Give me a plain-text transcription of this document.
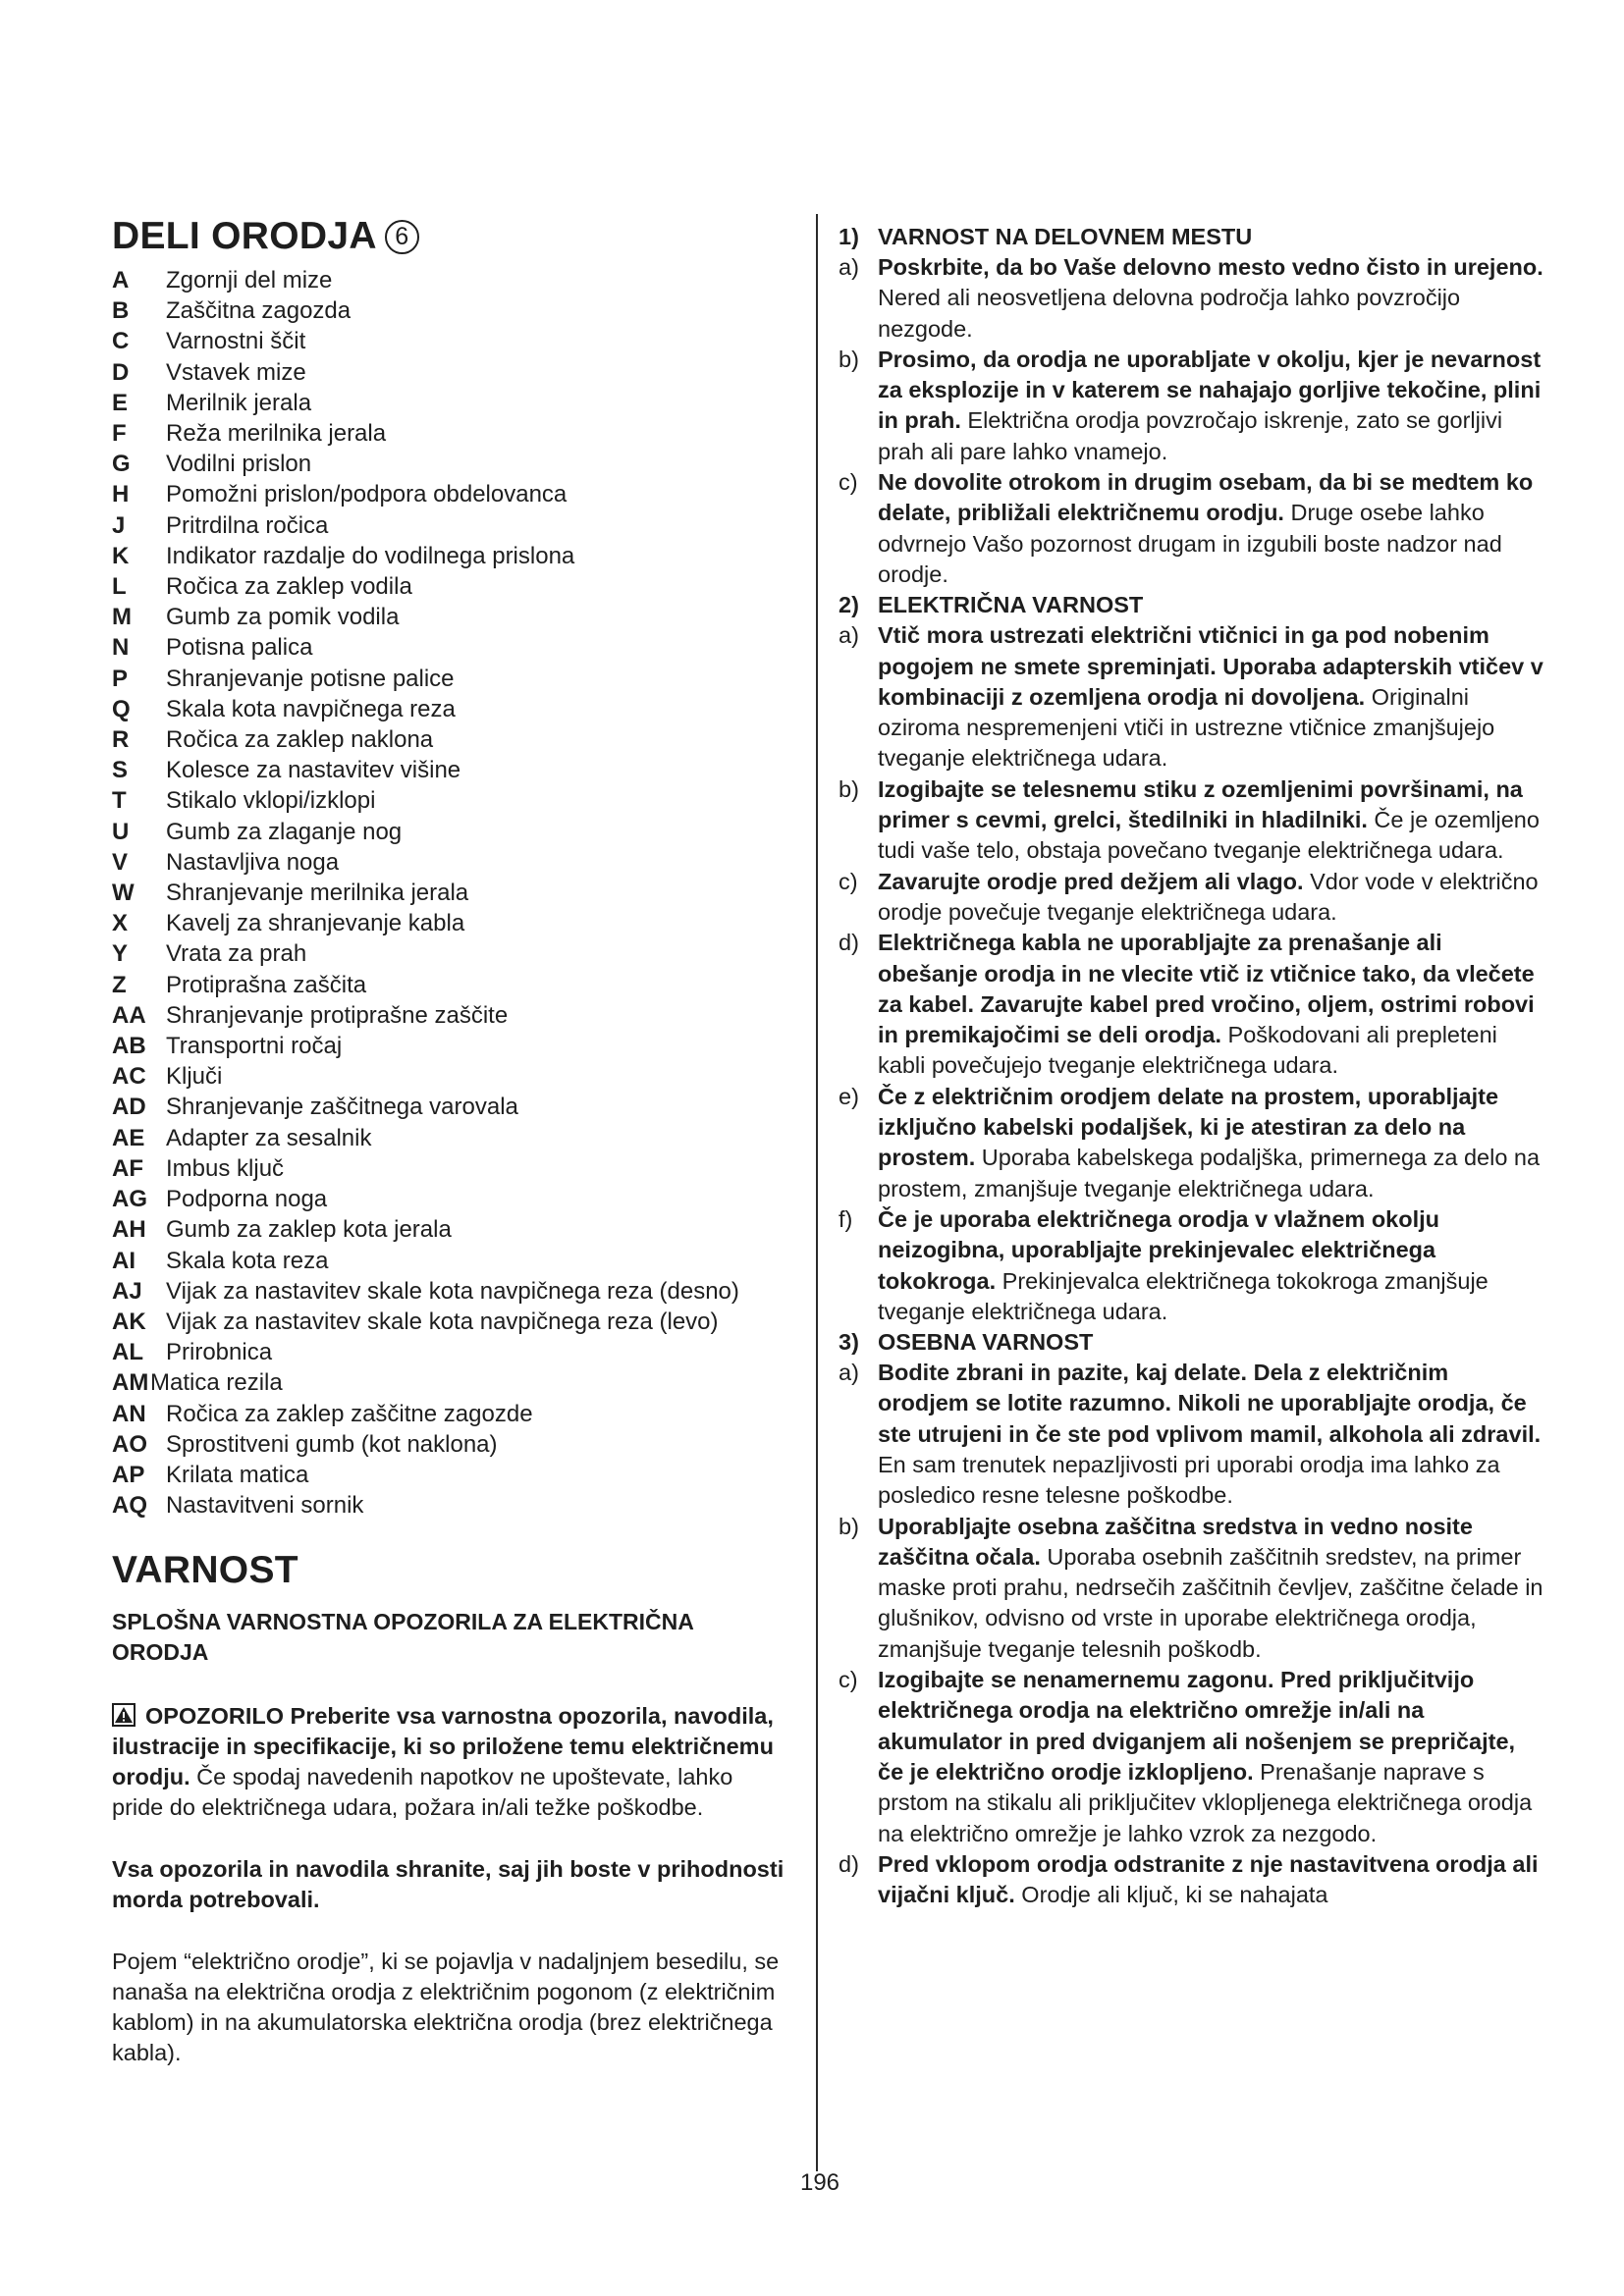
DELI ORODJA 6
A	Zgornji del mize
B	Zaščitna zagozda
C	Varnostni ščit
D	Vstavek mize
E	Merilnik jerala
F	Reža merilnika jerala
G	Vodilni prislon
H	Pomožni prislon/podpora obdelovanca
J	Pritrdilna ročica
K	Indikator razdalje do vodilnega prislona
L	Ročica za zaklep vodila
M	Gumb za pomik vodila
N	Potisna palica
P	Shranjevanje potisne palice
Q	Skala kota navpičnega reza
R	Ročica za zaklep naklona
S	Kolesce za nastavitev višine
T	Stikalo vklopi/izklopi
U	Gumb za zlaganje nog
V	Nastavljiva noga
W	Shranjevanje merilnika jerala
X	Kavelj za shranjevanje kabla
Y	Vrata za prah
Z	Protiprašna zaščita
AA Shranjevanje protiprašne zaščite
AB Transportni ročaj
AC Ključi
AD Shranjevanje zaščitnega varovala
AE Adapter za sesalnik
AF Imbus ključ
AG Podporna noga
AH Gumb za zaklep kota jerala
AI	Skala kota reza
AJ	Vijak za nastavitev skale kota navpičnega reza (desno)
AK Vijak za nastavitev skale kota navpičnega reza (levo)
AL Prirobnica
AM Matica rezila
AN Ročica za zaklep zaščitne zagozde
AO Sprostitveni gumb (kot naklona)
AP Krilata matica
AQ Nastavitveni sornik
VARNOST

SPLOŠNA VARNOSTNA OPOZORILA ZA ELEKTRIČNA ORODJA

OPOZORILO Preberite vsa varnostna opozorila, navodila, ilustracije in specifikacije, ki so priložene temu električnemu orodju. Če spodaj navedenih napotkov ne upoštevate, lahko pride do električnega udara, požara in/ali težke poškodbe.

Vsa opozorila in navodila shranite, saj jih boste v prihodnosti morda potrebovali.

Pojem “električno orodje”, ki se pojavlja v nadaljnjem besedilu, se nanaša na električna orodja z električnim pogonom (z električnim kablom) in na akumulatorska električna orodja (brez električnega kabla).

1) VARNOST NA DELOVNEM MESTU
a) Poskrbite, da bo Vaše delovno mesto vedno čisto in urejeno. Nered ali neosvetljena delovna področja lahko povzročijo nezgode.
b) Prosimo, da orodja ne uporabljate v okolju, kjer je nevarnost za eksplozije in v katerem se nahajajo gorljive tekočine, plini in prah. Električna orodja povzročajo iskrenje, zato se gorljivi prah ali pare lahko vnamejo.
c) Ne dovolite otrokom in drugim osebam, da bi se medtem ko delate, približali električnemu orodju. Druge osebe lahko odvrnejo Vašo pozornost drugam in izgubili boste nadzor nad orodje.
2) ELEKTRIČNA VARNOST
a) Vtič mora ustrezati električni vtičnici in ga pod nobenim pogojem ne smete spreminjati. Uporaba adapterskih vtičev v kombinaciji z ozemljena orodja ni dovoljena. Originalni oziroma nespremenjeni vtiči in ustrezne vtičnice zmanjšujejo tveganje električnega udara.
b) Izogibajte se telesnemu stiku z ozemljenimi površinami, na primer s cevmi, grelci, štedilniki in hladilniki. Če je ozemljeno tudi vaše telo, obstaja povečano tveganje električnega udara.
c) Zavarujte orodje pred dežjem ali vlago. Vdor vode v električno orodje povečuje tveganje električnega udara.
d) Električnega kabla ne uporabljajte za prenašanje ali obešanje orodja in ne vlecite vtič iz vtičnice tako, da vlečete za kabel. Zavarujte kabel pred vročino, oljem, ostrimi robovi in premikajočimi se deli orodja. Poškodovani ali prepleteni kabli povečujejo tveganje električnega udara.
e) Če z električnim orodjem delate na prostem, uporabljajte izključno kabelski podaljšek, ki je atestiran za delo na prostem. Uporaba kabelskega podaljška, primernega za delo na prostem, zmanjšuje tveganje električnega udara.
f)	Če je uporaba električnega orodja v vlažnem okolju neizogibna, uporabljajte prekinjevalec električnega tokokroga. Prekinjevalca električnega tokokroga zmanjšuje tveganje električnega udara.
3) OSEBNA VARNOST
a) Bodite zbrani in pazite, kaj delate. Dela z električnim orodjem se lotite razumno. Nikoli ne uporabljajte orodja, če ste utrujeni in če ste pod vplivom mamil, alkohola ali zdravil. En sam trenutek nepazljivosti pri uporabi orodja ima lahko za posledico resne telesne poškodbe.
b) Uporabljajte osebna zaščitna sredstva in vedno nosite zaščitna očala. Uporaba osebnih zaščitnih sredstev, na primer maske proti prahu, nedrsečih zaščitnih čevljev, zaščitne čelade in glušnikov, odvisno od vrste in uporabe električnega orodja, zmanjšuje tveganje telesnih poškodb.
c) Izogibajte se nenamernemu zagonu. Pred priključitvijo električnega orodja na električno omrežje in/ali na akumulator in pred dviganjem ali nošenjem se prepričajte, če je električno orodje izklopljeno. Prenašanje naprave s prstom na stikalu ali priključitev vklopljenega električnega orodja na električno omrežje je lahko vzrok za nezgodo.
d) Pred vklopom orodja odstranite z nje nastavitvena orodja ali vijačni ključ. Orodje ali ključ, ki se nahajata
196
